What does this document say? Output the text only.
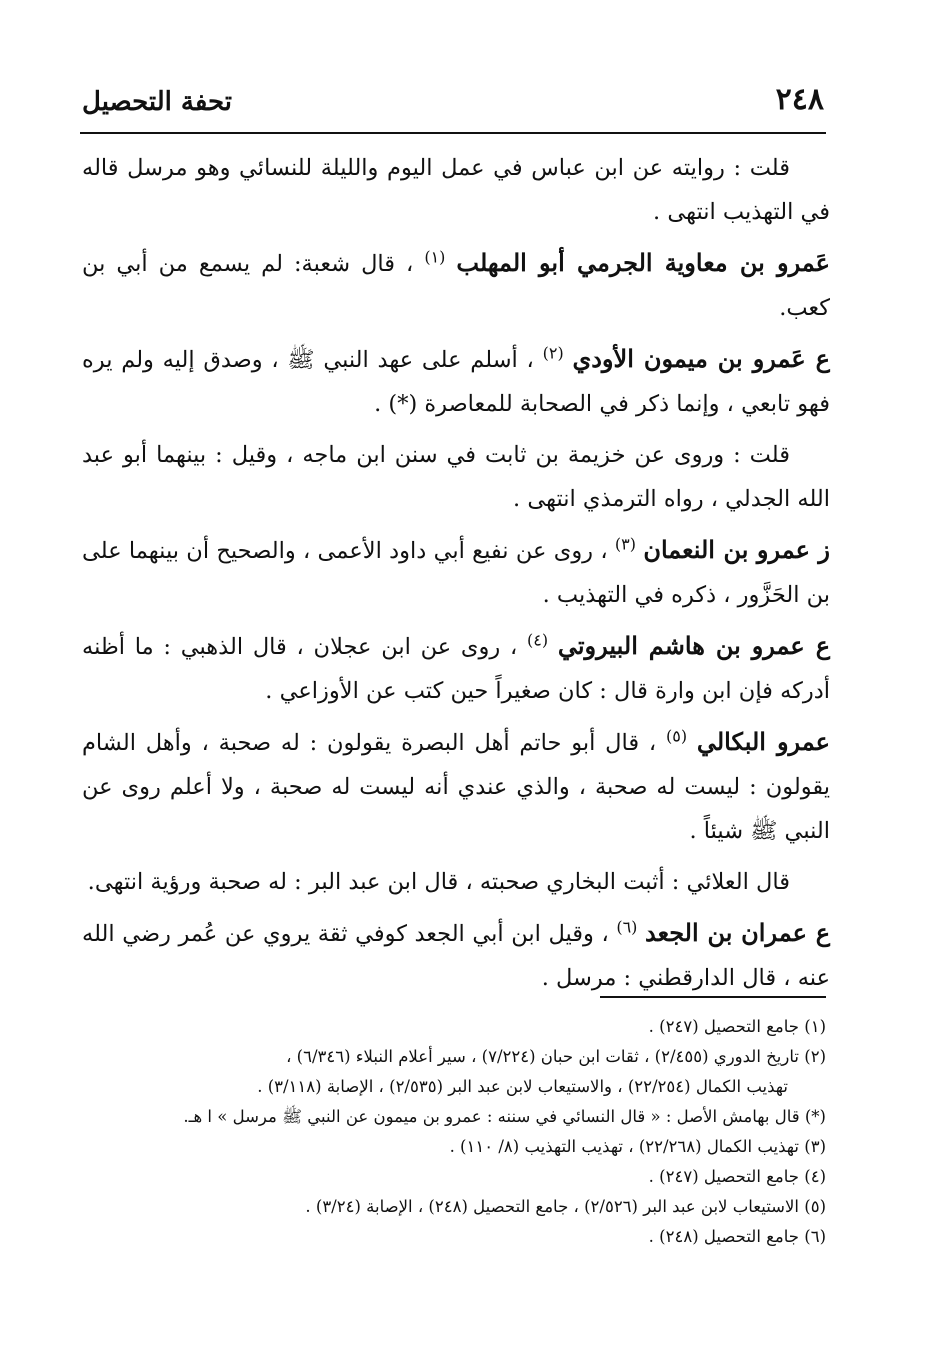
٢٤٨
تحفة التحصيل

قلت : روايته عن ابن عباس في عمل اليوم والليلة للنسائي وهو مرسل قاله في التهذيب انتهى .

عَمرو بن معاوية الجرمي أبو المهلب $^{(١)}$ ، قال شعبة: لم يسمع من أبي بن كعب.

ع عَمرو بن ميمون الأودي $^{(٢)}$ ، أسلم على عهد النبي ﷺ ، وصدق إليه ولم يره فهو تابعي ، وإنما ذكر في الصحابة للمعاصرة (*) .

قلت : وروى عن خزيمة بن ثابت في سنن ابن ماجه ، وقيل : بينهما أبو عبد الله الجدلي ، رواه الترمذي انتهى .

ز عمرو بن النعمان $^{(٣)}$ ، روى عن نفيع أبي داود الأعمى ، والصحيح أن بينهما على بن الحَزَّور ، ذكره في التهذيب .

ع عمرو بن هاشم البيروتي $^{(٤)}$ ، روى عن ابن عجلان ، قال الذهبي : ما أظنه أدركه فإن ابن وارة قال : كان صغيراً حين كتب عن الأوزاعي .

عمرو البكالي $^{(٥)}$ ، قال أبو حاتم أهل البصرة يقولون : له صحبة ، وأهل الشام يقولون : ليست له صحبة ، والذي عندي أنه ليست له صحبة ، ولا أعلم روى عن النبي ﷺ شيئاً .

قال العلائي : أثبت البخاري صحبته ، قال ابن عبد البر : له صحبة ورؤية انتهى.

ع عمران بن الجعد $^{(٦)}$ ، وقيل ابن أبي الجعد كوفي ثقة يروي عن عُمر رضي الله عنه ، قال الدارقطني : مرسل .

(١) جامع التحصيل (٢٤٧) .

(٢) تاريخ الدوري (٢/٤٥٥) ، ثقات ابن حبان (٧/٢٢٤) ، سير أعلام النبلاء (٦/٣٤٦) ،

تهذيب الكمال (٢٢/٢٥٤) ، والاستيعاب لابن عبد البر (٢/٥٣٥) ، الإصابة (٣/١١٨) .

(*) قال بهامش الأصل : « قال النسائي في سننه : عمرو بن ميمون عن النبي ﷺ مرسل » ا هـ.

(٣) تهذيب الكمال (٢٢/٢٦٨) ، تهذيب التهذيب (٨/ ١١٠) .

(٤) جامع التحصيل (٢٤٧) .

(٥) الاستيعاب لابن عبد البر (٢/٥٢٦) ، جامع التحصيل (٢٤٨) ، الإصابة (٣/٢٤) .

(٦) جامع التحصيل (٢٤٨) .
